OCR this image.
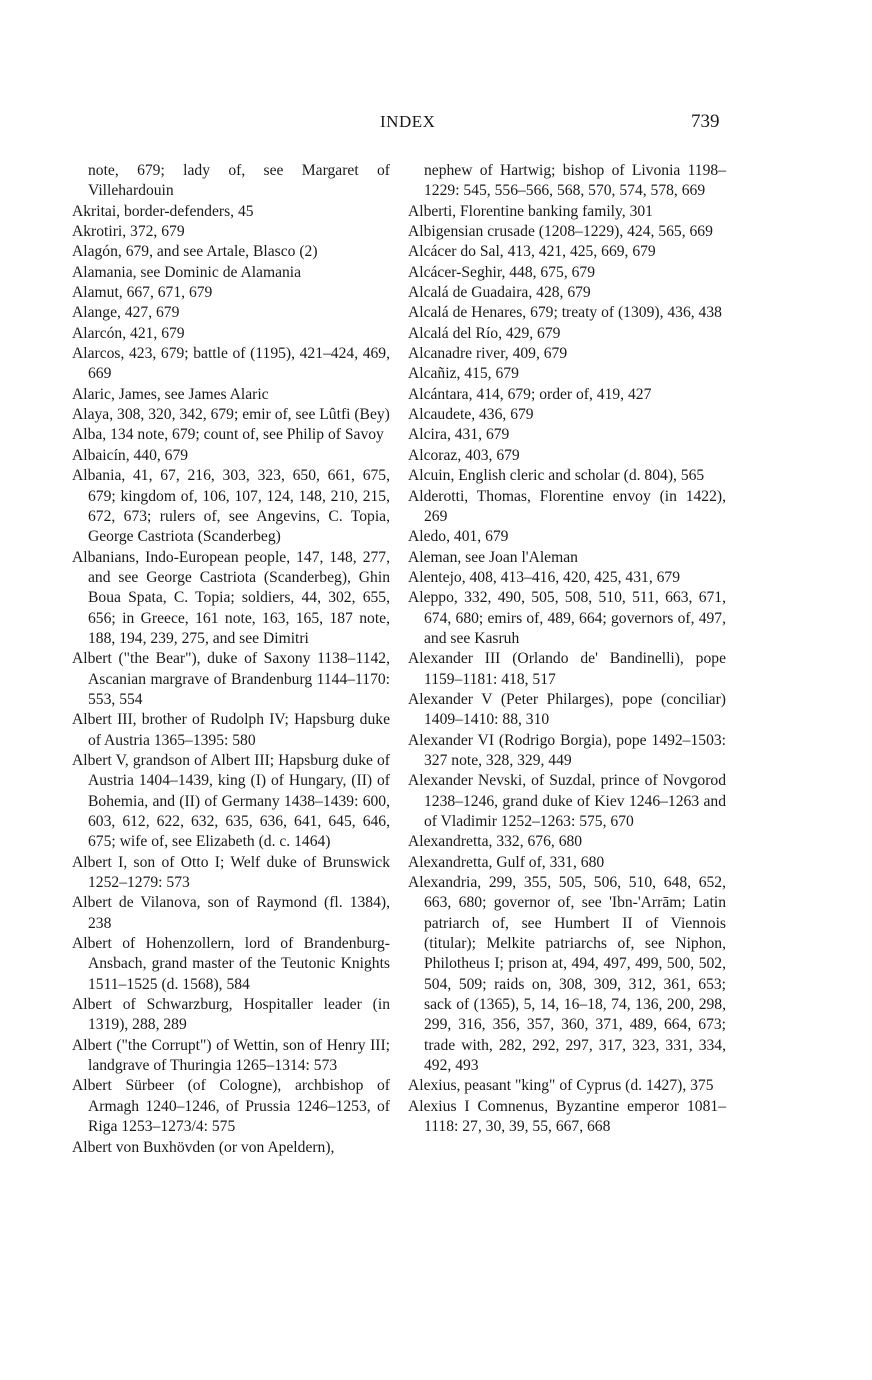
INDEX	739

note, 679; lady of, see Margaret of Villehardouin

Akritai, border-defenders, 45

Akrotiri, 372, 679

Alagón, 679, and see Artale, Blasco (2)

Alamania, see Dominic de Alamania

Alamut, 667, 671, 679

Alange, 427, 679

Alarcón, 421, 679

Alarcos, 423, 679; battle of (1195), 421–424, 469, 669

Alaric, James, see James Alaric

Alaya, 308, 320, 342, 679; emir of, see Lûtfi (Bey)

Alba, 134 note, 679; count of, see Philip of Savoy

Albaicín, 440, 679

Albania, 41, 67, 216, 303, 323, 650, 661, 675, 679; kingdom of, 106, 107, 124, 148, 210, 215, 672, 673; rulers of, see Angevins, C. Topia, George Castriota (Scanderbeg)

Albanians, Indo-European people, 147, 148, 277, and see George Castriota (Scanderbeg), Ghin Boua Spata, C. Topia; soldiers, 44, 302, 655, 656; in Greece, 161 note, 163, 165, 187 note, 188, 194, 239, 275, and see Dimitri

Albert ("the Bear"), duke of Saxony 1138–1142, Ascanian margrave of Brandenburg 1144–1170: 553, 554

Albert III, brother of Rudolph IV; Hapsburg duke of Austria 1365–1395: 580

Albert V, grandson of Albert III; Hapsburg duke of Austria 1404–1439, king (I) of Hungary, (II) of Bohemia, and (II) of Germany 1438–1439: 600, 603, 612, 622, 632, 635, 636, 641, 645, 646, 675; wife of, see Elizabeth (d. c. 1464)

Albert I, son of Otto I; Welf duke of Brunswick 1252–1279: 573

Albert de Vilanova, son of Raymond (fl. 1384), 238

Albert of Hohenzollern, lord of Brandenburg-Ansbach, grand master of the Teutonic Knights 1511–1525 (d. 1568), 584

Albert of Schwarzburg, Hospitaller leader (in 1319), 288, 289

Albert ("the Corrupt") of Wettin, son of Henry III; landgrave of Thuringia 1265–1314: 573

Albert Sürbeer (of Cologne), archbishop of Armagh 1240–1246, of Prussia 1246–1253, of Riga 1253–1273/4: 575

Albert von Buxhövden (or von Apeldern),

nephew of Hartwig; bishop of Livonia 1198–1229: 545, 556–566, 568, 570, 574, 578, 669

Alberti, Florentine banking family, 301

Albigensian crusade (1208–1229), 424, 565, 669

Alcácer do Sal, 413, 421, 425, 669, 679

Alcácer-Seghir, 448, 675, 679

Alcalá de Guadaira, 428, 679

Alcalá de Henares, 679; treaty of (1309), 436, 438

Alcalá del Río, 429, 679

Alcanadre river, 409, 679

Alcañiz, 415, 679

Alcántara, 414, 679; order of, 419, 427

Alcaudete, 436, 679

Alcira, 431, 679

Alcoraz, 403, 679

Alcuin, English cleric and scholar (d. 804), 565

Alderotti, Thomas, Florentine envoy (in 1422), 269

Aledo, 401, 679

Aleman, see Joan l'Aleman

Alentejo, 408, 413–416, 420, 425, 431, 679

Aleppo, 332, 490, 505, 508, 510, 511, 663, 671, 674, 680; emirs of, 489, 664; governors of, 497, and see Kasruh

Alexander III (Orlando de' Bandinelli), pope 1159–1181: 418, 517

Alexander V (Peter Philarges), pope (conciliar) 1409–1410: 88, 310

Alexander VI (Rodrigo Borgia), pope 1492–1503: 327 note, 328, 329, 449

Alexander Nevski, of Suzdal, prince of Novgorod 1238–1246, grand duke of Kiev 1246–1263 and of Vladimir 1252–1263: 575, 670

Alexandretta, 332, 676, 680

Alexandretta, Gulf of, 331, 680

Alexandria, 299, 355, 505, 506, 510, 648, 652, 663, 680; governor of, see 'Ibn-'Arrām; Latin patriarch of, see Humbert II of Viennois (titular); Melkite patriarchs of, see Niphon, Philotheus I; prison at, 494, 497, 499, 500, 502, 504, 509; raids on, 308, 309, 312, 361, 653; sack of (1365), 5, 14, 16–18, 74, 136, 200, 298, 299, 316, 356, 357, 360, 371, 489, 664, 673; trade with, 282, 292, 297, 317, 323, 331, 334, 492, 493

Alexius, peasant "king" of Cyprus (d. 1427), 375

Alexius I Comnenus, Byzantine emperor 1081–1118: 27, 30, 39, 55, 667, 668
